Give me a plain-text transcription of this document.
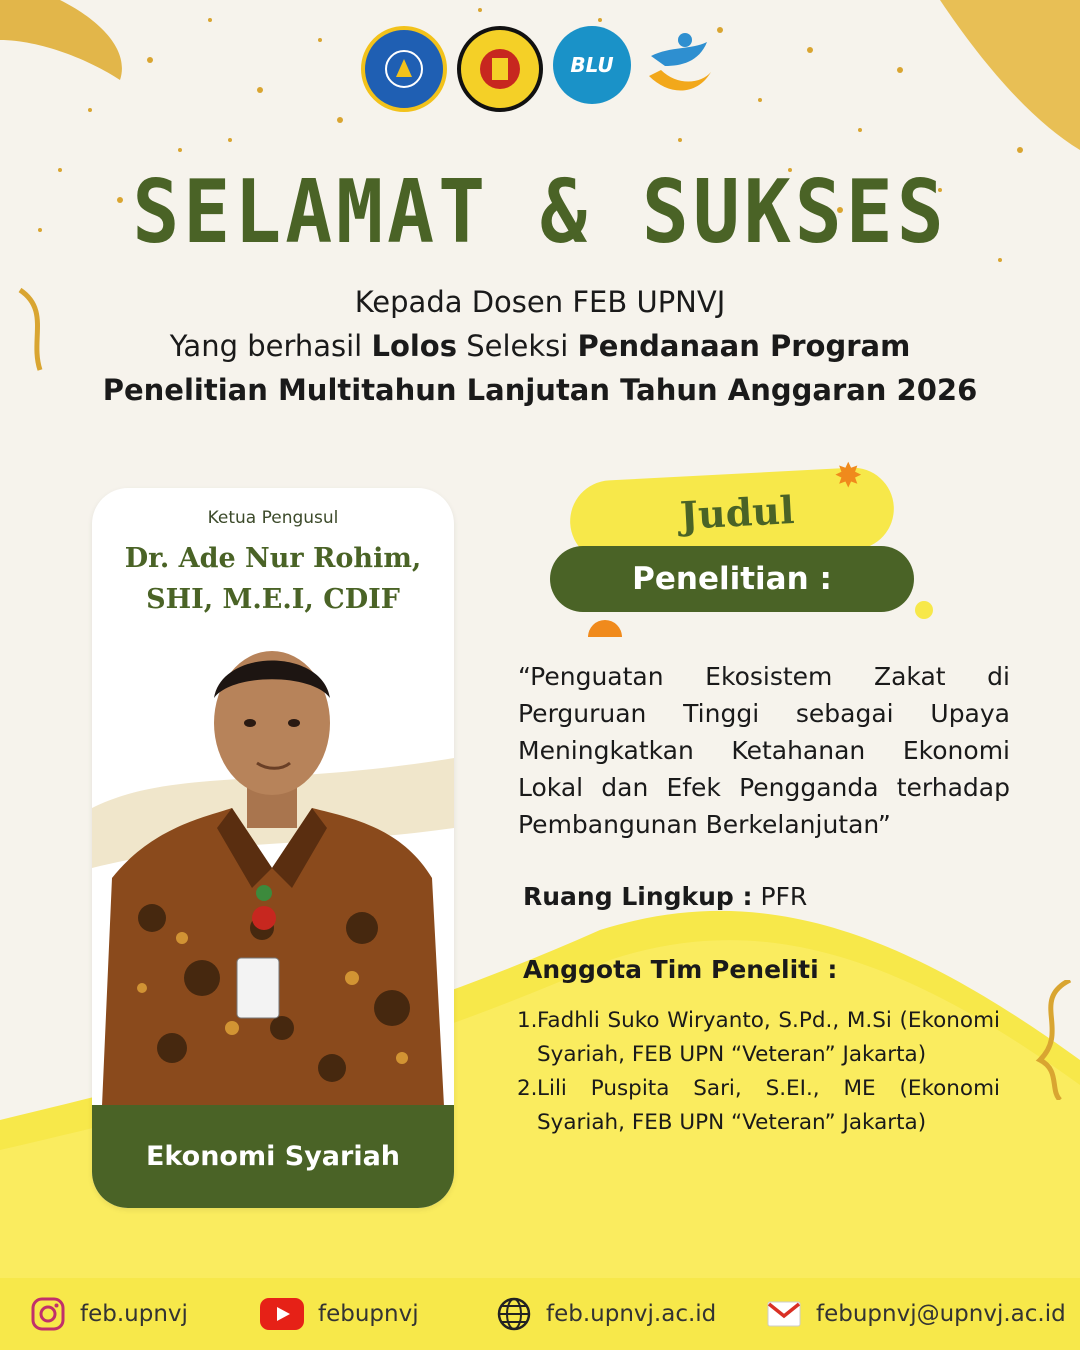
BLU
SELAMAT & SUKSES
Kepada Dosen FEB UPNVJ
Yang berhasil Lolos Seleksi Pendanaan Program
Penelitian Multitahun Lanjutan Tahun Anggaran 2026
Ketua Pengusul
Dr. Ade Nur Rohim,
SHI, M.E.I, CDIF
Ekonomi Syariah
Judul
Penelitian :
✸
“Penguatan Ekosistem Zakat di Perguruan Tinggi sebagai Upaya Meningkatkan Ketahanan Ekonomi Lokal dan Efek Pengganda terhadap Pembangunan Berkelanjutan”
Ruang Lingkup : PFR
Anggota Tim Peneliti :
1. Fadhli Suko Wiryanto, S.Pd., M.Si (Ekonomi Syariah, FEB UPN “Veteran” Jakarta)
2. Lili Puspita Sari, S.EI., ME (Ekonomi Syariah, FEB UPN “Veteran” Jakarta)
feb.upnvj	febupnvj	feb.upnvj.ac.id	febupnvj@upnvj.ac.id
